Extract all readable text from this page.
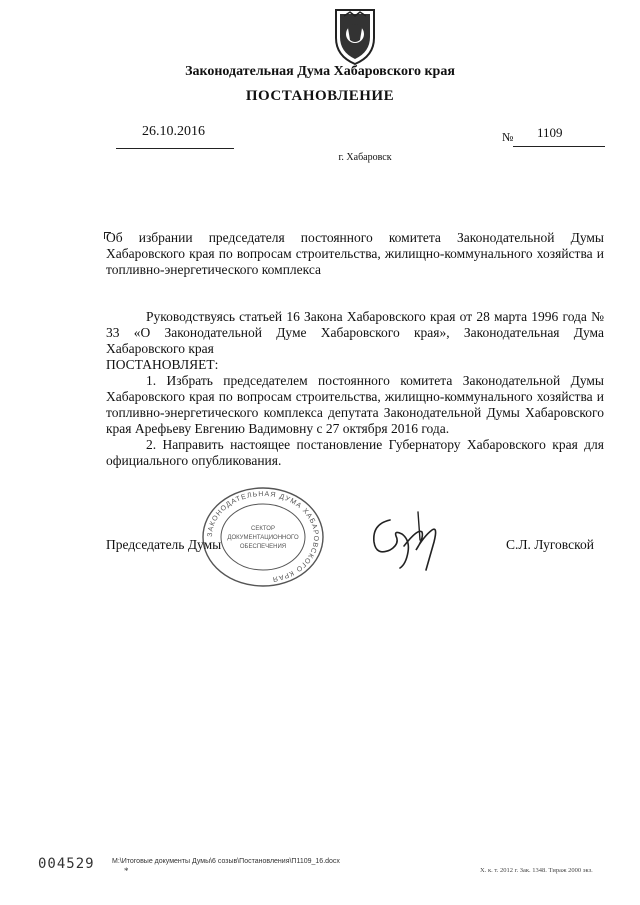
Законодательная Дума Хабаровского края
ПОСТАНОВЛЕНИЕ
26.10.2016	№ 1109
г. Хабаровск
Об избрании председателя постоянного комитета Законодательной Думы Хабаровского края по вопросам строительства, жилищно-коммунального хозяйства и топливно-энергетического комплекса

Руководствуясь статьей 16 Закона Хабаровского края от 28 марта 1996 года № 33 «О Законодательной Думе Хабаровского края», Законодательная Дума Хабаровского края

ПОСТАНОВЛЯЕТ:

1. Избрать председателем постоянного комитета Законодательной Думы Хабаровского края по вопросам строительства, жилищно-коммунального хозяйства и топливно-энергетического комплекса депутата Законодательной Думы Хабаровского края Арефьеву Евгению Вадимовну с 27 октября 2016 года.

2. Направить настоящее постановление Губернатору Хабаровского края для официального опубликования.

ЗАКОНОДАТЕЛЬНАЯ ДУМА ХАБАРОВСКОГО КРАЯ
СЕКТОР
ДОКУМЕНТАЦИОННОГО
ОБЕСПЕЧЕНИЯ
Председатель Думы	С.Л. Луговской
004529 М:\Итоговые документы Думы\6 созыв\Постановления\П1109_16.docx
*	Х. к. т. 2012 г. Зак. 1348. Тираж 2000 экз.
